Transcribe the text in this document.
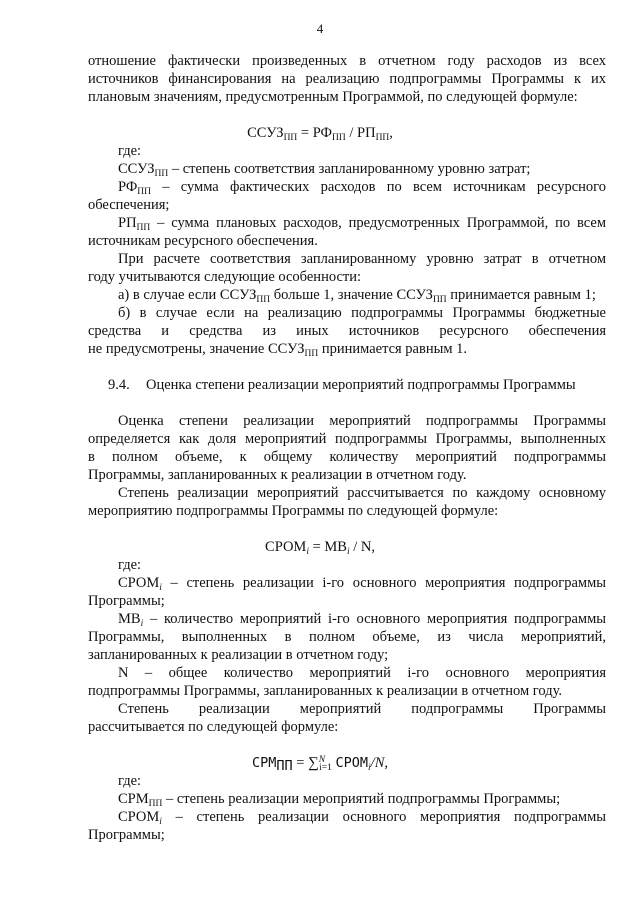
4
отношение фактически произведенных в отчетном году расходов из всех
источников финансирования на реализацию подпрограммы Программы к их
плановым значениям, предусмотренным Программой, по следующей формуле:
$ССУЗ_{ПП} = РФ_{ПП} / РП_{ПП}$,
где:
$ССУЗ_{ПП}$ – степень соответствия запланированному уровню затрат;
$РФ_{ПП}$ – сумма фактических расходов по всем источникам ресурсного
обеспечения;
$РП_{ПП}$ – сумма плановых расходов, предусмотренных Программой, по всем
источникам ресурсного обеспечения.
При расчете соответствия запланированному уровню затрат в отчетном
году учитываются следующие особенности:
а) в случае если $ССУЗ_{ПП}$ больше 1, значение $ССУЗ_{ПП}$ принимается равным 1;
б) в случае если на реализацию подпрограммы Программы бюджетные
средства и средства из иных источников ресурсного обеспечения
не предусмотрены, значение $ССУЗ_{ПП}$ принимается равным 1.
9.4. Оценка степени реализации мероприятий подпрограммы Программы
Оценка степени реализации мероприятий подпрограммы Программы
определяется как доля мероприятий подпрограммы Программы, выполненных
в полном объеме, к общему количеству мероприятий подпрограммы
Программы, запланированных к реализации в отчетном году.
Степень реализации мероприятий рассчитывается по каждому основному
мероприятию подпрограммы Программы по следующей формуле:
$СРОМ_i = МВ_i / N$,
где:
$СРОМ_i$ – степень реализации i-го основного мероприятия подпрограммы
Программы;
$МВ_i$ – количество мероприятий i-го основного мероприятия подпрограммы
Программы, выполненных в полном объеме, из числа мероприятий,
запланированных к реализации в отчетном году;
N – общее количество мероприятий i-го основного мероприятия
подпрограммы Программы, запланированных к реализации в отчетном году.
Степень реализации мероприятий подпрограммы Программы
рассчитывается по следующей формуле:
$СРМ_{ПП} = \sum^N_{i=1}$ $СРОМ_i/N$,
где:
$СРМ_{ПП}$ – степень реализации мероприятий подпрограммы Программы;
$СРОМ_i$ – степень реализации основного мероприятия подпрограммы
Программы;
